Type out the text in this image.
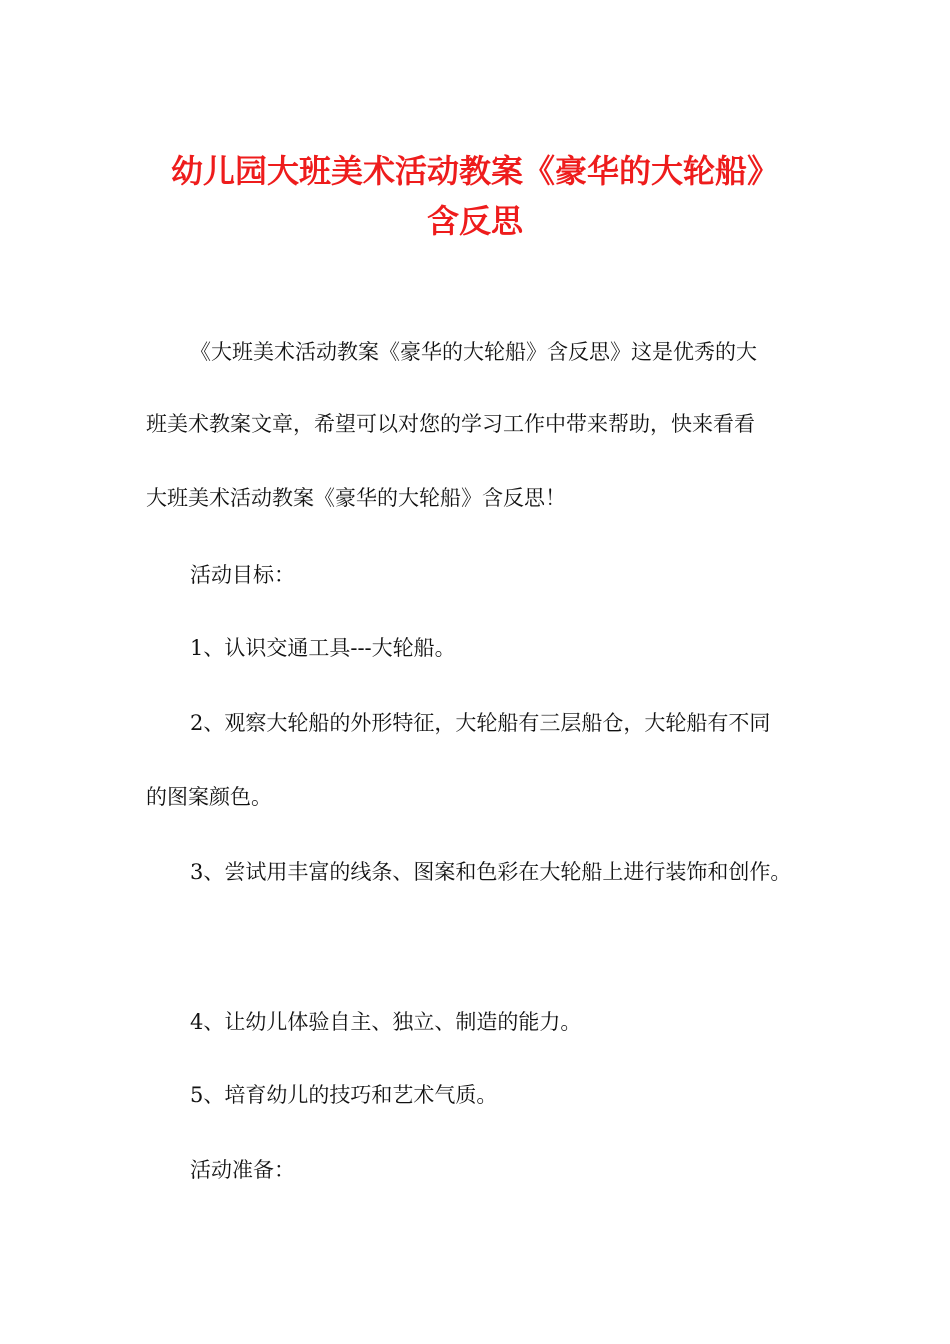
幼儿园大班美术活动教案《豪华的大轮船》
含反思

《大班美术活动教案《豪华的大轮船》含反思》这是优秀的大

班美术教案文章，希望可以对您的学习工作中带来帮助，快来看看

大班美术活动教案《豪华的大轮船》含反思！

活动目标：

1、认识交通工具---大轮船。

2、观察大轮船的外形特征，大轮船有三层船仓，大轮船有不同

的图案颜色。

3、尝试用丰富的线条、图案和色彩在大轮船上进行装饰和创作。

4、让幼儿体验自主、独立、制造的能力。

5、培育幼儿的技巧和艺术气质。

活动准备：
